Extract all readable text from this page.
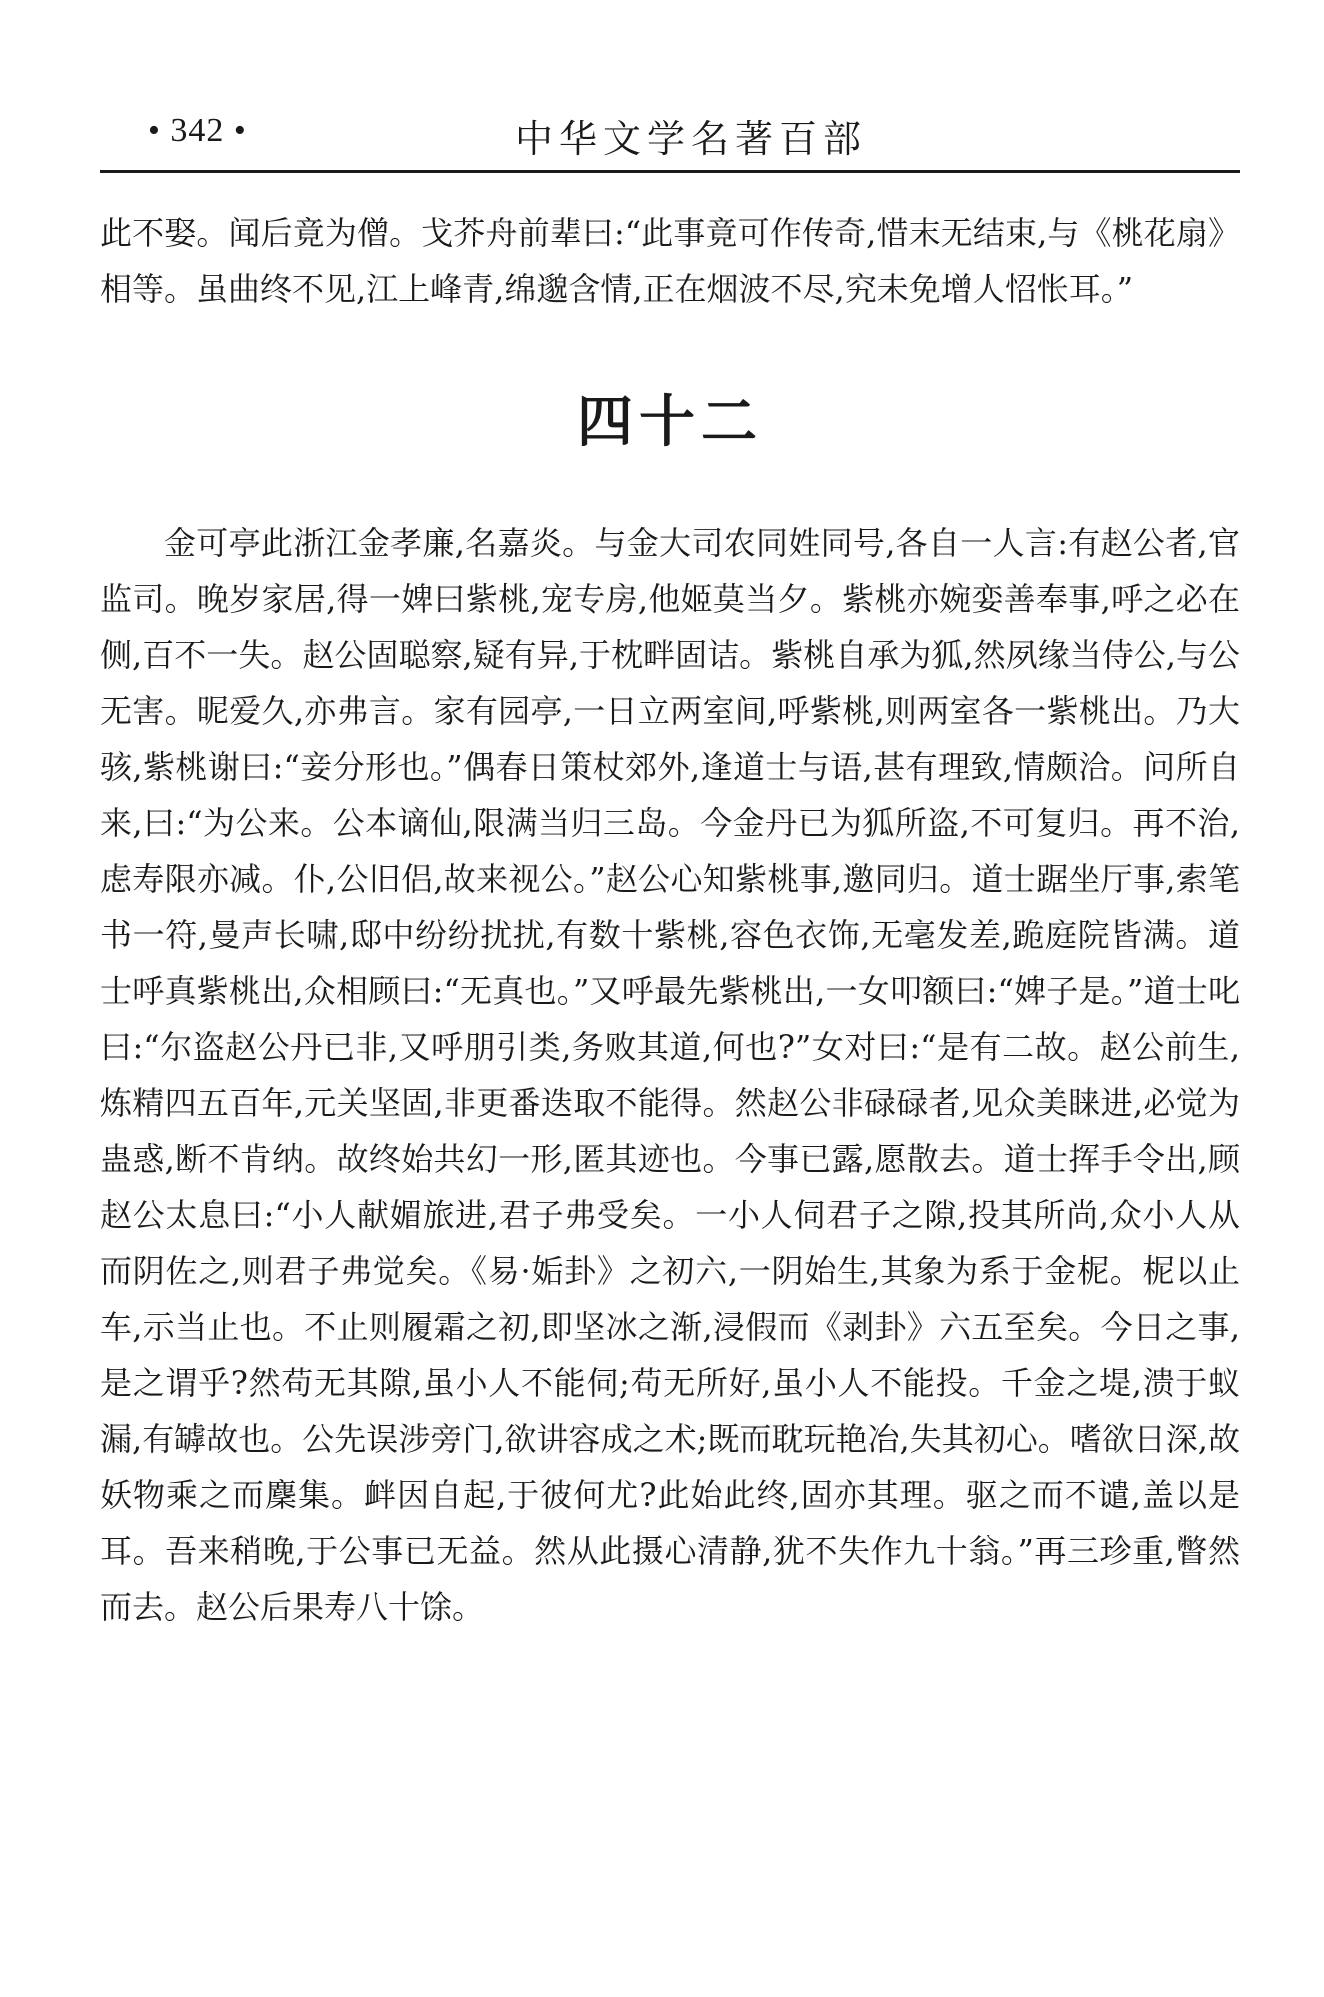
• 342 •	中华文学名著百部

此不娶。闻后竟为僧。戈芥舟前辈曰:“此事竟可作传奇,惜末无结束,与《桃花扇》相等。虽曲终不见,江上峰青,绵邈含情,正在烟波不尽,究未免增人怊怅耳。”

四十二

金可亭此浙江金孝廉,名嘉炎。与金大司农同姓同号,各自一人言:有赵公者,官监司。晚岁家居,得一婢曰紫桃,宠专房,他姬莫当夕。紫桃亦婉娈善奉事,呼之必在侧,百不一失。赵公固聪察,疑有异,于枕畔固诘。紫桃自承为狐,然夙缘当侍公,与公无害。昵爱久,亦弗言。家有园亭,一日立两室间,呼紫桃,则两室各一紫桃出。乃大骇,紫桃谢曰:“妾分形也。”偶春日策杖郊外,逢道士与语,甚有理致,情颇洽。问所自来,曰:“为公来。公本谪仙,限满当归三岛。今金丹已为狐所盗,不可复归。再不治,虑寿限亦减。仆,公旧侣,故来视公。”赵公心知紫桃事,邀同归。道士踞坐厅事,索笔书一符,曼声长啸,邸中纷纷扰扰,有数十紫桃,容色衣饰,无毫发差,跪庭院皆满。道士呼真紫桃出,众相顾曰:“无真也。”又呼最先紫桃出,一女叩额曰:“婢子是。”道士叱曰:“尔盗赵公丹已非,又呼朋引类,务败其道,何也?”女对曰:“是有二故。赵公前生,炼精四五百年,元关坚固,非更番迭取不能得。然赵公非碌碌者,见众美睐进,必觉为蛊惑,断不肯纳。故终始共幻一形,匿其迹也。今事已露,愿散去。道士挥手令出,顾赵公太息曰:“小人献媚旅进,君子弗受矣。一小人伺君子之隙,投其所尚,众小人从而阴佐之,则君子弗觉矣。《易·姤卦》之初六,一阴始生,其象为系于金柅。柅以止车,示当止也。不止则履霜之初,即坚冰之渐,浸假而《剥卦》六五至矣。今日之事,是之谓乎?然苟无其隙,虽小人不能伺;苟无所好,虽小人不能投。千金之堤,溃于蚁漏,有罅故也。公先误涉旁门,欲讲容成之术;既而耽玩艳冶,失其初心。嗜欲日深,故妖物乘之而麇集。衅因自起,于彼何尤?此始此终,固亦其理。驱之而不谴,盖以是耳。吾来稍晚,于公事已无益。然从此摄心清静,犹不失作九十翁。”再三珍重,瞥然而去。赵公后果寿八十馀。
